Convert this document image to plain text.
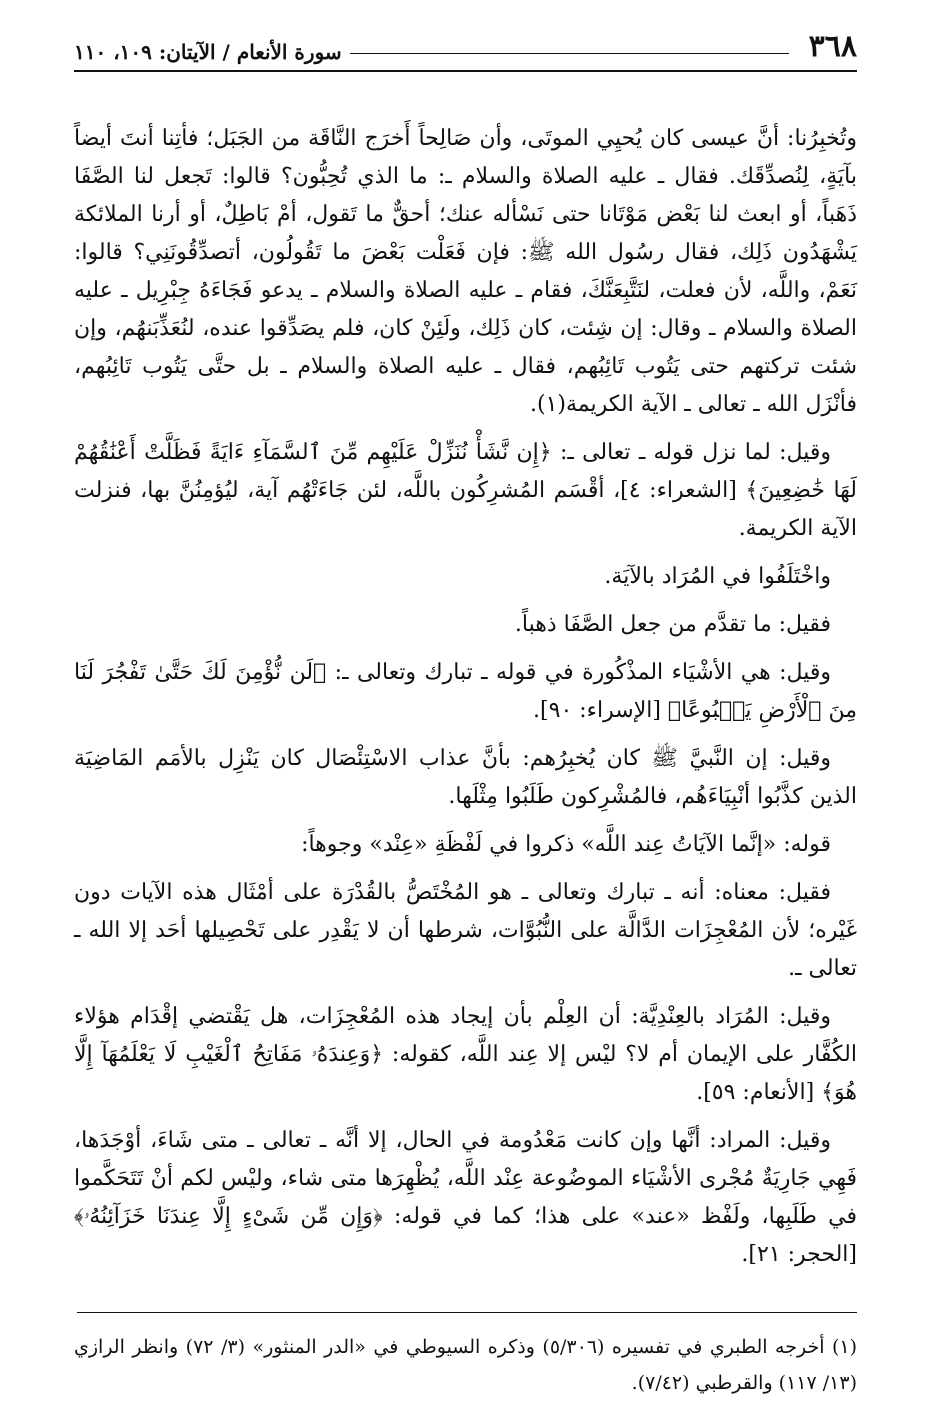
٣٦٨
سورة الأنعام / الآيتان: ١٠٩، ١١٠

وتُخبِرُنا: أنَّ عيسى كان يُحيِي الموتَى، وأن صَالِحاً أَخرَج النَّاقَة من الجَبَل؛ فأتِنا أنتَ أيضاً بآيَةٍ، لِنُصدِّقَك. فقال ـ عليه الصلاة والسلام ـ: ما الذي تُحِبُّون؟ قالوا: تَجعل لنا الصَّفَا ذَهَباً، أو ابعث لنا بَعْض مَوْتَانا حتى نَسْأله عنك؛ أحقٌّ ما تَقول، أمْ بَاطِلٌ، أو أرنا الملائكة يَشْهَدُون ذَلِك، فقال رسُول الله ﷺ: فإن فَعَلْت بَعْضَ ما تَقُولُون، أتصدِّقُونَنِي؟ قالوا: نَعَمْ، واللَّه، لأن فعلت، لنَتَّبِعَنَّكَ، فقام ـ عليه الصلاة والسلام ـ يدعو فَجَاءَهُ جِبْرِيل ـ عليه الصلاة والسلام ـ وقال: إن شِئت، كان ذَلِك، ولَئِنْ كان، فلم يصَدِّقوا عنده، لنُعَذِّبَنهُم، وإن شئت تركتهم حتى يَتُوب تَائِبُهم، فقال ـ عليه الصلاة والسلام ـ بل حتَّى يَتُوب تَائِبُهم، فأنْزَل الله ـ تعالى ـ الآية الكريمة(١).

وقيل: لما نزل قوله ـ تعالى ـ: ﴿إِن نَّشَأْ نُنَزِّلْ عَلَيْهِم مِّنَ ٱلسَّمَآءِ ءَايَةً فَظَلَّتْ أَعْنَٰقُهُمْ لَهَا خَٰضِعِينَ﴾ [الشعراء: ٤]، أقْسَم المُشرِكُون باللَّه، لئن جَاءَتْهُم آية، ليُؤمِنُنَّ بها، فنزلت الآية الكريمة.

واخْتَلَفُوا في المُرَاد بالآيَة.

فقيل: ما تقدَّم من جعل الصَّفَا ذهباً.

وقيل: هي الأشْيَاء المذْكُورة في قوله ـ تبارك وتعالى ـ: ﴿لَن نُّؤْمِنَ لَكَ حَتَّىٰ تَفْجُرَ لَنَا مِنَ ٱلْأَرْضِ يَنۢبُوعًا﴾ [الإسراء: ٩٠].

وقيل: إن النَّبيَّ ﷺ كان يُخبِرُهم: بأنَّ عذاب الاسْتِئْصَال كان يَنْزِل بالأمَم المَاضِيَة الذين كذَّبُوا أنْبِيَاءَهُم، فالمُشْرِكون طَلَبُوا مِثْلَها.

قوله: «إنَّما الآيَاتُ عِند اللَّه» ذكروا في لَفْظَةِ «عِنْد» وجوهاً:

فقيل: معناه: أنه ـ تبارك وتعالى ـ هو المُخْتَصُّ بالقُدْرَة على أمْثَال هذه الآيات دون غَيْره؛ لأن المُعْجِزَات الدَّالَّة على النُّبُوَّات، شرطها أن لا يَقْدِر على تَحْصِيلها أحَد إلا الله ـ تعالى ـ.

وقيل: المُرَاد بالعِنْدِيَّة: أن العِلْم بأن إيجاد هذه المُعْجِزَات، هل يَقْتضي إقْدَام هؤلاء الكُفَّار على الإيمان أم لا؟ ليْس إلا عِند اللَّه، كقوله: ﴿وَعِندَهُۥ مَفَاتِحُ ٱلْغَيْبِ لَا يَعْلَمُهَآ إِلَّا هُوَ﴾ [الأنعام: ٥٩].

وقيل: المراد: أنَّها وإن كانت مَعْدُومة في الحال، إلا أنَّه ـ تعالى ـ متى شَاءَ، أوْجَدَها، فَهِي جَارِيَةٌ مُجْرى الأشْيَاء الموضُوعة عِنْد اللَّه، يُظْهِرَها متى شاء، وليْس لكم أنْ تَتَحَكَّموا في طَلَبِها، ولَفْظ «عند» على هذا؛ كما في قوله: ﴿وَإِن مِّن شَىْءٍ إِلَّا عِندَنَا خَزَآئِنُهُۥ﴾ [الحجر: ٢١].

(١) أخرجه الطبري في تفسيره (٥/٣٠٦) وذكره السيوطي في «الدر المنثور» (٣/ ٧٢) وانظر الرازي (١٣/ ١١٧) والقرطبي (٧/٤٢).
